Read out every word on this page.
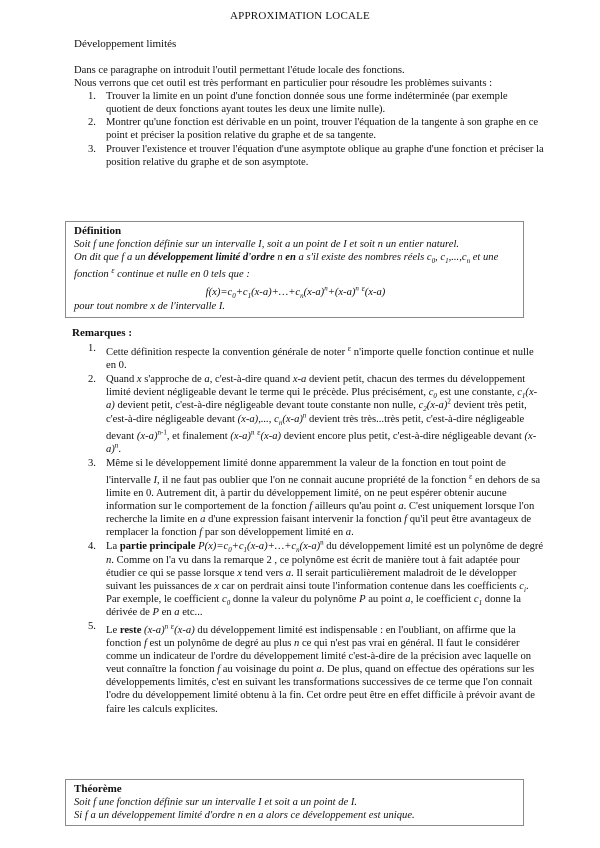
APPROXIMATION LOCALE
Développement limités

Dans ce paragraphe on introduit l'outil permettant l'étude locale des fonctions.

Nous verrons que cet outil est très performant en particulier pour résoudre les problèmes suivants :

1. Trouver la limite en un point d'une fonction donnée sous une forme indéterminée (par exemple quotient de deux fonctions ayant toutes les deux une limite nulle).
2. Montrer qu'une fonction est dérivable en un point, trouver l'équation de la tangente à son graphe en ce point et préciser la position relative du graphe et de sa tangente.
3. Prouver l'existence et trouver l'équation d'une asymptote oblique au graphe d'une fonction et préciser la position relative du graphe et de son asymptote.
Définition
Soit f une fonction définie sur un intervalle I, soit a un point de I et soit n un entier naturel.
On dit que f a un développement limité d'ordre n en a s'il existe des nombres réels $c_0$, $c_1,...,c_n$ et une fonction $^\varepsilon$ continue et nulle en 0 tels que :
$f(x)=c_0+c_1(x-a)+\dots+c_n(x-a)^n+(x-a)^n$ $^\varepsilon$(x-a)
pour tout nombre x de l'intervalle I.
Remarques :
1. Cette définition respecte la convention générale de noter $^\varepsilon$ n'importe quelle fonction continue et nulle en 0.
2. Quand x s'approche de a, c'est-à-dire quand x-a devient petit, chacun des termes du développement limité devient négligeable devant le terme qui le précède. Plus précisément, $c_0$ est une constante, $c_1(x-a)$ devient petit, c'est-à-dire négligeable devant toute constante non nulle, $c_2(x-a)^2$ devient très petit, c'est-à-dire négligeable devant (x-a),..., $c_n(x-a)^n$ devient très très...très petit, c'est-à-dire négligeable devant $(x-a)^{n-1}$, et finalement $(x-a)^n$ $^\varepsilon$(x-a) devient encore plus petit, c'est-à-dire négligeable devant $(x-a)^n$.
3. Même si le développement limité donne apparemment la valeur de la fonction en tout point de l'intervalle I, il ne faut pas oublier que l'on ne connait aucune propriété de la fonction $^\varepsilon$ en dehors de sa limite en 0. Autrement dit, à partir du développement limité, on ne peut espérer obtenir aucune information sur le comportement de la fonction f ailleurs qu'au point a. C'est uniquement lorsque l'on recherche la limite en a d'une expression faisant intervenir la fonction f qu'il peut être avantageux de remplacer la fonction f par son développement limité en a.
4. La partie principale $P(x)=c_0+c_1(x-a)+\dots+c_n(x-a)^n$ du développement limité est un polynôme de degré n. Comme on l'a vu dans la remarque 2 , ce polynôme est écrit de manière tout à fait adaptée pour étudier ce qui se passe lorsque x tend vers a. Il serait particulièrement maladroit de le développer suivant les puissances de x car on perdrait ainsi toute l'information contenue dans les coefficients $c_i$. Par exemple, le coefficient $c_0$ donne la valeur du polynôme P au point a, le coefficient $c_1$ donne la dérivée de P en a etc...
5. Le reste $(x-a)^n$ $^\varepsilon$(x-a) du développement limité est indispensable : en l'oubliant, on affirme que la fonction f est un polynôme de degré au plus n ce qui n'est pas vrai en général. Il faut le considérer comme un indicateur de l'ordre du développement limité c'est-à-dire de la précision avec laquelle on veut connaître la fonction f au voisinage du point a. De plus, quand on effectue des opérations sur les développements limités, c'est en suivant les transformations successives de ce terme que l'on connait l'odre du développement limité obtenu à la fin. Cet ordre peut être en effet difficile à prévoir avant de faire les calculs explicites.
Théorème
Soit f une fonction définie sur un intervalle I et soit a un point de I.
Si f a un développement limité d'ordre n en a alors ce développement est unique.
